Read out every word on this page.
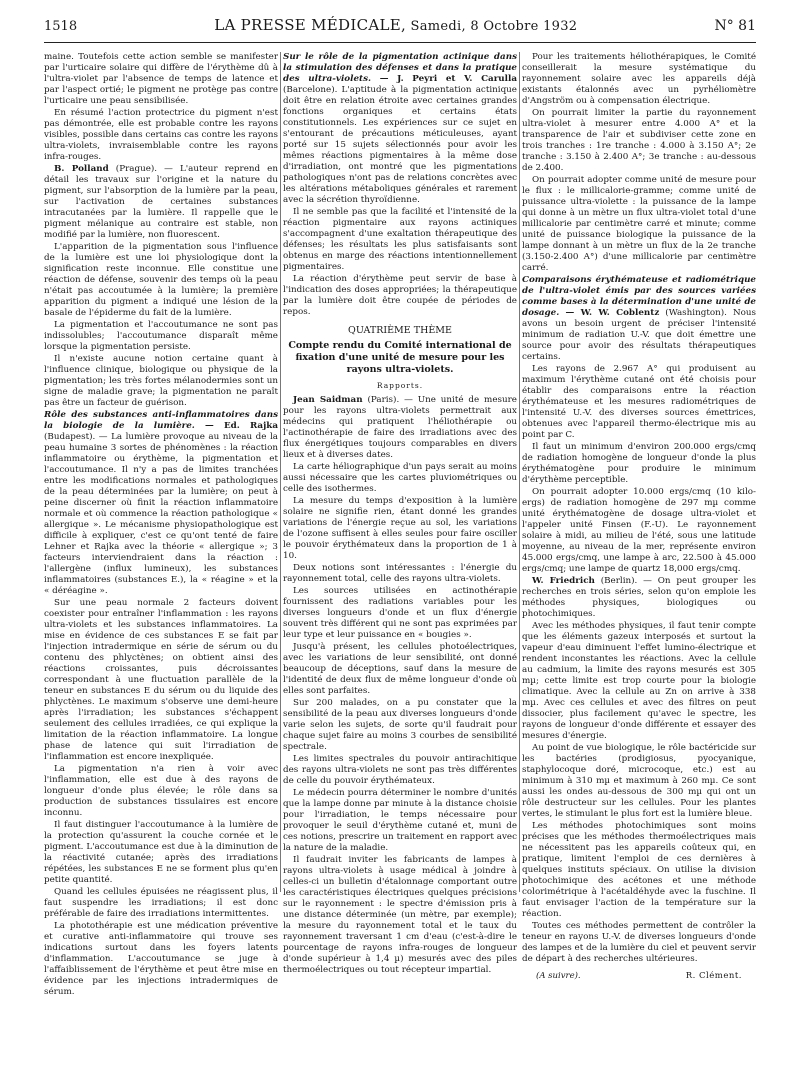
1518	LA PRESSE MÉDICALE, Samedi, 8 Octobre 1932	N° 81

maine. Toutefois cette action semble se manifester par l'urticaire solaire qui diffère de l'érythème dû à l'ultra-violet par l'absence de temps de latence et par l'aspect ortié; le pigment ne protège pas contre l'urticaire une peau sensibilisée.

En résumé l'action protectrice du pigment n'est pas démontrée, elle est probable contre les rayons visibles, possible dans certains cas contre les rayons ultra-violets, invraisemblable contre les rayons infra-rouges.

B. Polland (Prague). — L'auteur reprend en détail les travaux sur l'origine et la nature du pigment, sur l'absorption de la lumière par la peau, sur l'activation de certaines substances intracutanées par la lumière. Il rappelle que le pigment mélanique au contraire est stable, non modifié par la lumière, non fluorescent.

L'apparition de la pigmentation sous l'influence de la lumière est une loi physiologique dont la signification reste inconnue. Elle constitue une réaction de défense, souvenir des temps où la peau n'était pas accoutumée à la lumière; la première apparition du pigment a indiqué une lésion de la basale de l'épiderme du fait de la lumière.

La pigmentation et l'accoutumance ne sont pas indissolubles; l'accoutumance disparaît même lorsque la pigmentation persiste.

Il n'existe aucune notion certaine quant à l'influence clinique, biologique ou physique de la pigmentation; les très fortes mélanodermies sont un signe de maladie grave; la pigmentation ne paraît pas être un facteur de guérison.

Rôle des substances anti-inflammatoires dans la biologie de la lumière. — Ed. Rajka (Budapest). — La lumière provoque au niveau de la peau humaine 3 sortes de phénomènes : la réaction inflammatoire ou érythème, la pigmentation et l'accoutumance. Il n'y a pas de limites tranchées entre les modifications normales et pathologiques de la peau déterminées par la lumière; on peut à peine discerner où finit la réaction inflammatoire normale et où commence la réaction pathologique « allergique ». Le mécanisme physiopathologique est difficile à expliquer, c'est ce qu'ont tenté de faire Lehner et Rajka avec la théorie « allergique »; 3 facteurs interviendraient dans la réaction : l'allergène (influx lumineux), les substances inflammatoires (substances E.), la « réagine » et la « déréagine ».

Sur une peau normale 2 facteurs doivent coexister pour entraîner l'inflammation : les rayons ultra-violets et les substances inflammatoires. La mise en évidence de ces substances E se fait par l'injection intradermique en série de sérum ou du contenu des phlyctènes; on obtient ainsi des réactions croissantes, puis décroissantes correspondant à une fluctuation parallèle de la teneur en substances E du sérum ou du liquide des phlyctènes. Le maximum s'observe une demi-heure après l'irradiation; les substances s'échappent seulement des cellules irradiées, ce qui explique la limitation de la réaction inflammatoire. La longue phase de latence qui suit l'irradiation de l'inflammation est encore inexpliquée.

La pigmentation n'a rien à voir avec l'inflammation, elle est due à des rayons de longueur d'onde plus élevée; le rôle dans sa production de substances tissulaires est encore inconnu.

Il faut distinguer l'accoutumance à la lumière de la protection qu'assurent la couche cornée et le pigment. L'accoutumance est due à la diminution de la réactivité cutanée; après des irradiations répétées, les substances E ne se forment plus qu'en petite quantité.

Quand les cellules épuisées ne réagissent plus, il faut suspendre les irradiations; il est donc préférable de faire des irradiations intermittentes.

La photothérapie est une médication préventive et curative anti-inflammatoire qui trouve ses indications surtout dans les foyers latents d'inflammation. L'accoutumance se juge à l'affaiblissement de l'érythème et peut être mise en évidence par les injections intradermiques de sérum.

Sur le rôle de la pigmentation actinique dans la stimulation des défenses et dans la pratique des ultra-violets. — J. Peyri et V. Carulla (Barcelone). L'aptitude à la pigmentation actinique doit être en relation étroite avec certaines grandes fonctions organiques et certains états constitutionnels. Les expériences sur ce sujet en s'entourant de précautions méticuleuses, ayant porté sur 15 sujets sélectionnés pour avoir les mêmes réactions pigmentaires à la même dose d'irradiation, ont montré que les pigmentations pathologiques n'ont pas de relations concrètes avec les altérations métaboliques générales et rarement avec la sécrétion thyroïdienne.

Il ne semble pas que la facilité et l'intensité de la réaction pigmentaire aux rayons actiniques s'accompagnent d'une exaltation thérapeutique des défenses; les résultats les plus satisfaisants sont obtenus en marge des réactions intentionnellement pigmentaires.

La réaction d'érythème peut servir de base à l'indication des doses appropriées; la thérapeutique par la lumière doit être coupée de périodes de repos.

QUATRIÈME THÈME
Compte rendu du Comité international de fixation d'une unité de mesure pour les rayons ultra-violets.
Rapports.

Jean Saidman (Paris). — Une unité de mesure pour les rayons ultra-violets permettrait aux médecins qui pratiquent l'héliothérapie ou l'actinothérapie de faire des irradiations avec des flux énergétiques toujours comparables en divers lieux et à diverses dates.

La carte héliographique d'un pays serait au moins aussi nécessaire que les cartes pluviométriques ou celle des isothermes.

La mesure du temps d'exposition à la lumière solaire ne signifie rien, étant donné les grandes variations de l'énergie reçue au sol, les variations de l'ozone suffisent à elles seules pour faire osciller le pouvoir érythémateux dans la proportion de 1 à 10.

Deux notions sont intéressantes : l'énergie du rayonnement total, celle des rayons ultra-violets.

Les sources utilisées en actinothérapie fournissent des radiations variables pour les diverses longueurs d'onde et un flux d'énergie souvent très différent qui ne sont pas exprimées par leur type et leur puissance en « bougies ».

Jusqu'à présent, les cellules photoélectriques, avec les variations de leur sensibilité, ont donné beaucoup de déceptions, sauf dans la mesure de l'identité de deux flux de même longueur d'onde où elles sont parfaites.

Sur 200 malades, on a pu constater que la sensibilité de la peau aux diverses longueurs d'onde varie selon les sujets, de sorte qu'il faudrait pour chaque sujet faire au moins 3 courbes de sensibilité spectrale.

Les limites spectrales du pouvoir antirachitique des rayons ultra-violets ne sont pas très différentes de celle du pouvoir érythémateux.

Le médecin pourra déterminer le nombre d'unités que la lampe donne par minute à la distance choisie pour l'irradiation, le temps nécessaire pour provoquer le seuil d'érythème cutané et, muni de ces notions, prescrire un traitement en rapport avec la nature de la maladie.

Il faudrait inviter les fabricants de lampes à rayons ultra-violets à usage médical à joindre à celles-ci un bulletin d'étalonnage comportant outre les caractéristiques électriques quelques précisions sur le rayonnement : le spectre d'émission pris à une distance déterminée (un mètre, par exemple); la mesure du rayonnement total et le taux du rayonnement traversant 1 cm d'eau (c'est-à-dire le pourcentage de rayons infra-rouges de longueur d'onde supérieur à 1,4 µ) mesurés avec des piles thermoélectriques ou tout récepteur impartial.

Pour les traitements héliothérapiques, le Comité conseillerait la mesure systématique du rayonnement solaire avec les appareils déjà existants étalonnés avec un pyrhéliomètre d'Angström ou à compensation électrique.

On pourrait limiter la partie du rayonnement ultra-violet à mesurer entre 4.000 A° et la transparence de l'air et subdiviser cette zone en trois tranches : 1re tranche : 4.000 à 3.150 A°; 2e tranche : 3.150 à 2.400 A°; 3e tranche : au-dessous de 2.400.

On pourrait adopter comme unité de mesure pour le flux : le millicalorie-gramme; comme unité de puissance ultra-violette : la puissance de la lampe qui donne à un mètre un flux ultra-violet total d'une millicalorie par centimètre carré et minute; comme unité de puissance biologique la puissance de la lampe donnant à un mètre un flux de la 2e tranche (3.150-2.400 A°) d'une millicalorie par centimètre carré.

Comparaisons érythémateuse et radiométrique de l'ultra-violet émis par des sources variées comme bases à la détermination d'une unité de dosage. — W. W. Coblentz (Washington). Nous avons un besoin urgent de préciser l'intensité minimum de radiation U.-V. que doit émettre une source pour avoir des résultats thérapeutiques certains.

Les rayons de 2.967 A° qui produisent au maximum l'érythème cutané ont été choisis pour établir des comparaisons entre la réaction érythémateuse et les mesures radiométriques de l'intensité U.-V. des diverses sources émettrices, obtenues avec l'appareil thermo-électrique mis au point par C.

Il faut un minimum d'environ 200.000 ergs/cmq de radiation homogène de longueur d'onde la plus érythématogène pour produire le minimum d'érythème perceptible.

On pourrait adopter 10.000 ergs/cmq (10 kilo-ergs) de radiation homogène de 297 mµ comme unité érythématogène de dosage ultra-violet et l'appeler unité Finsen (F.-U). Le rayonnement solaire à midi, au milieu de l'été, sous une latitude moyenne, au niveau de la mer, représente environ 45.000 ergs/cmq, une lampe à arc, 22.500 à 45.000 ergs/cmq; une lampe de quartz 18,000 ergs/cmq.

W. Friedrich (Berlin). — On peut grouper les recherches en trois séries, selon qu'on emploie les méthodes physiques, biologiques ou photochimiques.

Avec les méthodes physiques, il faut tenir compte que les éléments gazeux interposés et surtout la vapeur d'eau diminuent l'effet lumino-électrique et rendent inconstantes les réactions. Avec la cellule au cadmium, la limite des rayons mesurés est 305 mµ; cette limite est trop courte pour la biologie climatique. Avec la cellule au Zn on arrive à 338 mµ. Avec ces cellules et avec des filtres on peut dissocier, plus facilement qu'avec le spectre, les rayons de longueur d'onde différente et essayer des mesures d'énergie.

Au point de vue biologique, le rôle bactéricide sur les bactéries (prodigiosus, pyocyanique, staphylocoque doré, microcoque, etc.) est au minimum à 310 mµ et maximum à 260 mµ. Ce sont aussi les ondes au-dessous de 300 mµ qui ont un rôle destructeur sur les cellules. Pour les plantes vertes, le stimulant le plus fort est la lumière bleue.

Les méthodes photochimiques sont moins précises que les méthodes thermoélectriques mais ne nécessitent pas les appareils coûteux qui, en pratique, limitent l'emploi de ces dernières à quelques instituts spéciaux. On utilise la division photochimique des acétones et une méthode colorimétrique à l'acétaldéhyde avec la fuschine. Il faut envisager l'action de la température sur la réaction.

Toutes ces méthodes permettent de contrôler la teneur en rayons U.-V. de diverses longueurs d'onde des lampes et de la lumière du ciel et peuvent servir de départ à des recherches ultérieures.

(A suivre).	R. Clément.
